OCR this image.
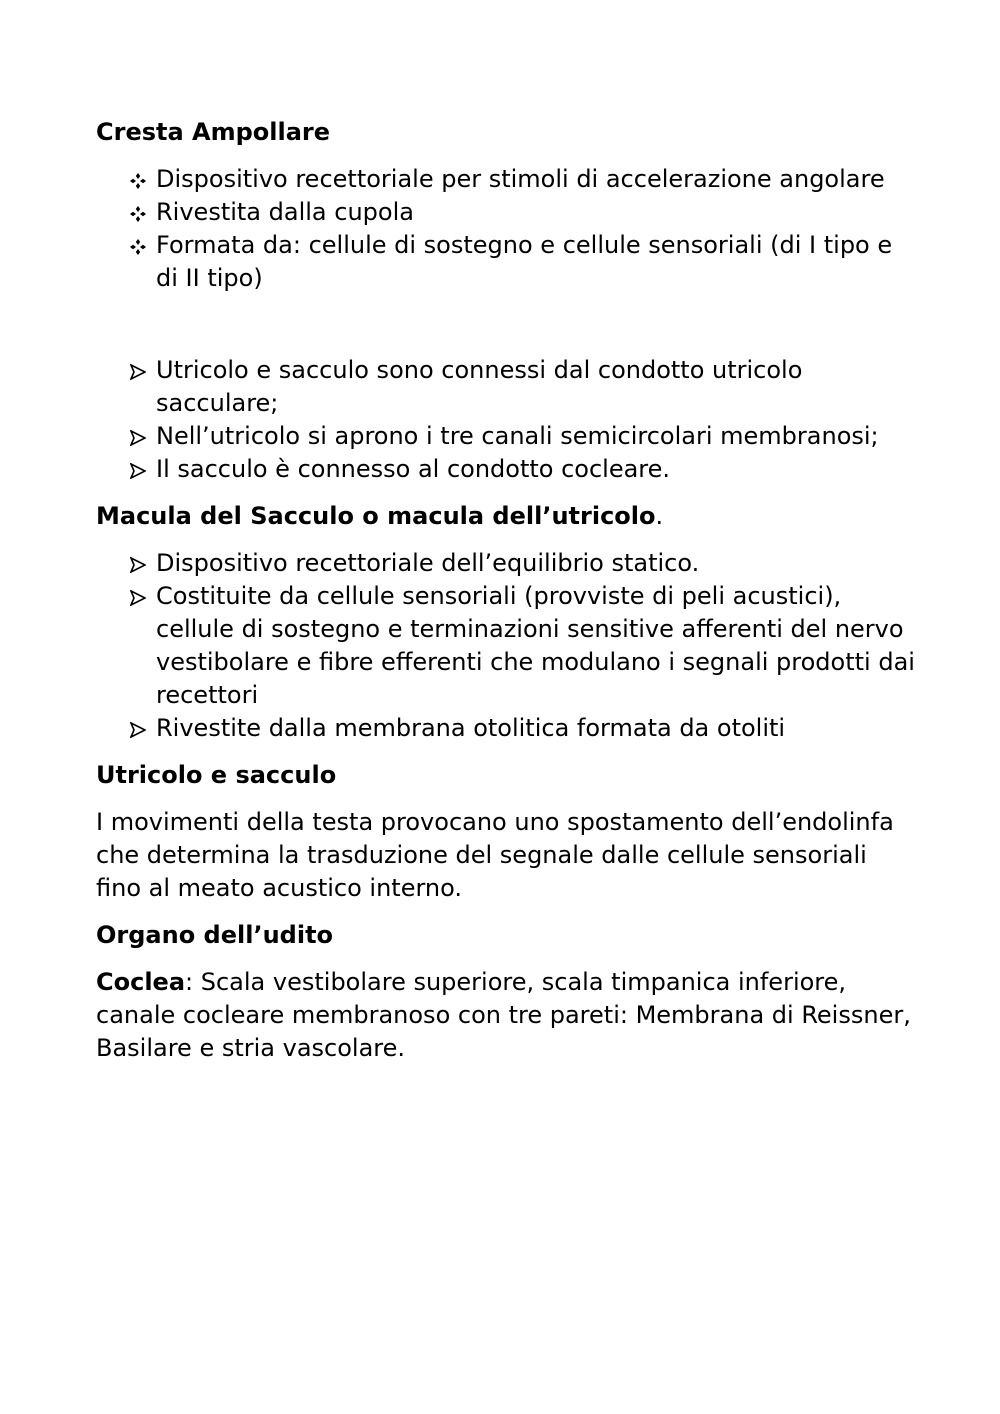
Cresta Ampollare
Dispositivo recettoriale per stimoli di accelerazione angolare
Rivestita dalla cupola
Formata da: cellule di sostegno e cellule sensoriali (di I tipo e di II tipo)
Utricolo e sacculo sono connessi dal condotto utricolo sacculare;
Nell’utricolo si aprono i tre canali semicircolari membranosi;
Il sacculo è connesso al condotto cocleare.
Macula del Sacculo o macula dell’utricolo.
Dispositivo recettoriale dell’equilibrio statico.
Costituite da cellule sensoriali (provviste di peli acustici), cellule di sostegno e terminazioni sensitive afferenti del nervo vestibolare e fibre efferenti che modulano i segnali prodotti dai recettori
Rivestite dalla membrana otolitica formata da otoliti
Utricolo e sacculo

I movimenti della testa provocano uno spostamento dell’endolinfa che determina la trasduzione del segnale dalle cellule sensoriali fino al meato acustico interno.

Organo dell’udito

Coclea: Scala vestibolare superiore, scala timpanica inferiore, canale cocleare membranoso con tre pareti: Membrana di Reissner, Basilare e stria vascolare.
